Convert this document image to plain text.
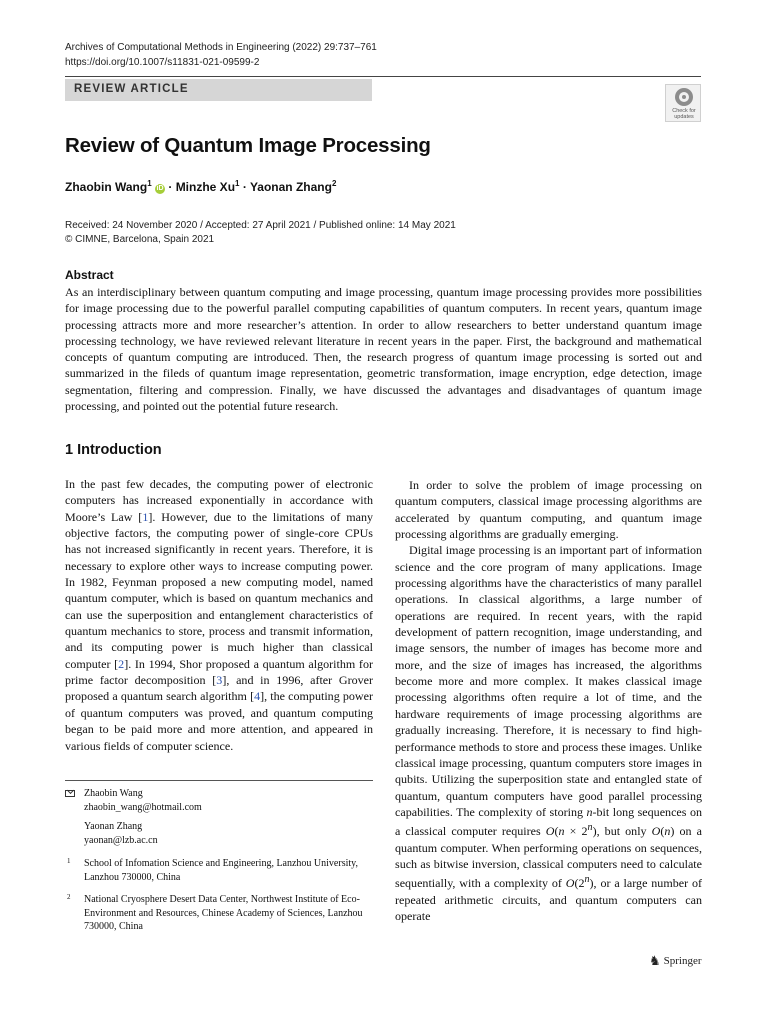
Archives of Computational Methods in Engineering (2022) 29:737–761
https://doi.org/10.1007/s11831-021-09599-2
REVIEW ARTICLE
Check for
updates
Review of Quantum Image Processing
Zhaobin Wang$^1$ iD · Minzhe $Xu^1$ · Yaonan Zhang$^2$
Received: 24 November 2020 / Accepted: 27 April 2021 / Published online: 14 May 2021
© CIMNE, Barcelona, Spain 2021
Abstract

As an interdisciplinary between quantum computing and image processing, quantum image processing provides more possibilities for image processing due to the powerful parallel computing capabilities of quantum computers. In recent years, quantum image processing attracts more and more researcher’s attention. In order to allow researchers to better understand quantum image processing technology, we have reviewed relevant literature in recent years in the paper. First, the background and mathematical concepts of quantum computing are introduced. Then, the research progress of quantum image processing is sorted out and summarized in the fileds of quantum image representation, geometric transformation, image encryption, edge detection, image segmentation, filtering and compression. Finally, we have discussed the advantages and disadvantages of quantum image processing, and pointed out the potential future research.

1 Introduction

In the past few decades, the computing power of electronic computers has increased exponentially in accordance with Moore’s Law [1]. However, due to the limitations of many objective factors, the computing power of single-core CPUs has not increased significantly in recent years. Therefore, it is necessary to explore other ways to increase computing power. In 1982, Feynman proposed a new computing model, named quantum computer, which is based on quantum mechanics and can use the superposition and entanglement characteristics of quantum mechanics to store, process and transmit information, and its computing power is much higher than classical computer [2]. In 1994, Shor proposed a quantum algorithm for prime factor decomposition [3], and in 1996, after Grover proposed a quantum search algorithm [4], the computing power of quantum computers was proved, and quantum computing began to be paid more and more attention, and appeared in various fields of computer science.

In order to solve the problem of image processing on quantum computers, classical image processing algorithms are accelerated by quantum computing, and quantum image processing algorithms are gradually emerging.

Digital image processing is an important part of information science and the core program of many applications. Image processing algorithms have the characteristics of many parallel operations. In classical algorithms, a large number of operations are required. In recent years, with the rapid development of pattern recognition, image understanding, and image sensors, the number of images has become more and more, and the size of images has increased, the algorithms become more and more complex. It makes classical image processing algorithms often require a lot of time, and the hardware requirements of image processing algorithms are gradually increasing. Therefore, it is necessary to find high-performance methods to store and process these images. Unlike classical image processing, quantum computers store images in qubits. Utilizing the superposition state and entangled state of quantum, quantum computers have good parallel processing capabilities. The complexity of storing n-bit long sequences on a classical computer requires $O(n \times 2^n)$, but only O(n) on a quantum computer. When performing operations on sequences, such as bitwise inversion, classical computers need to calculate sequentially, with a complexity of O(2$^n$), or a large number of repeated arithmetic circuits, and quantum computers can operate

Zhaobin Wang
zhaobin_wang@hotmail.com
Yaonan Zhang
yaonan@lzb.ac.cn
1 School of Infomation Science and Engineering, Lanzhou University, Lanzhou 730000, China
2 National Cryosphere Desert Data Center, Northwest Institute of Eco-Environment and Resources, Chinese Academy of Sciences, Lanzhou 730000, China
♞ Springer
